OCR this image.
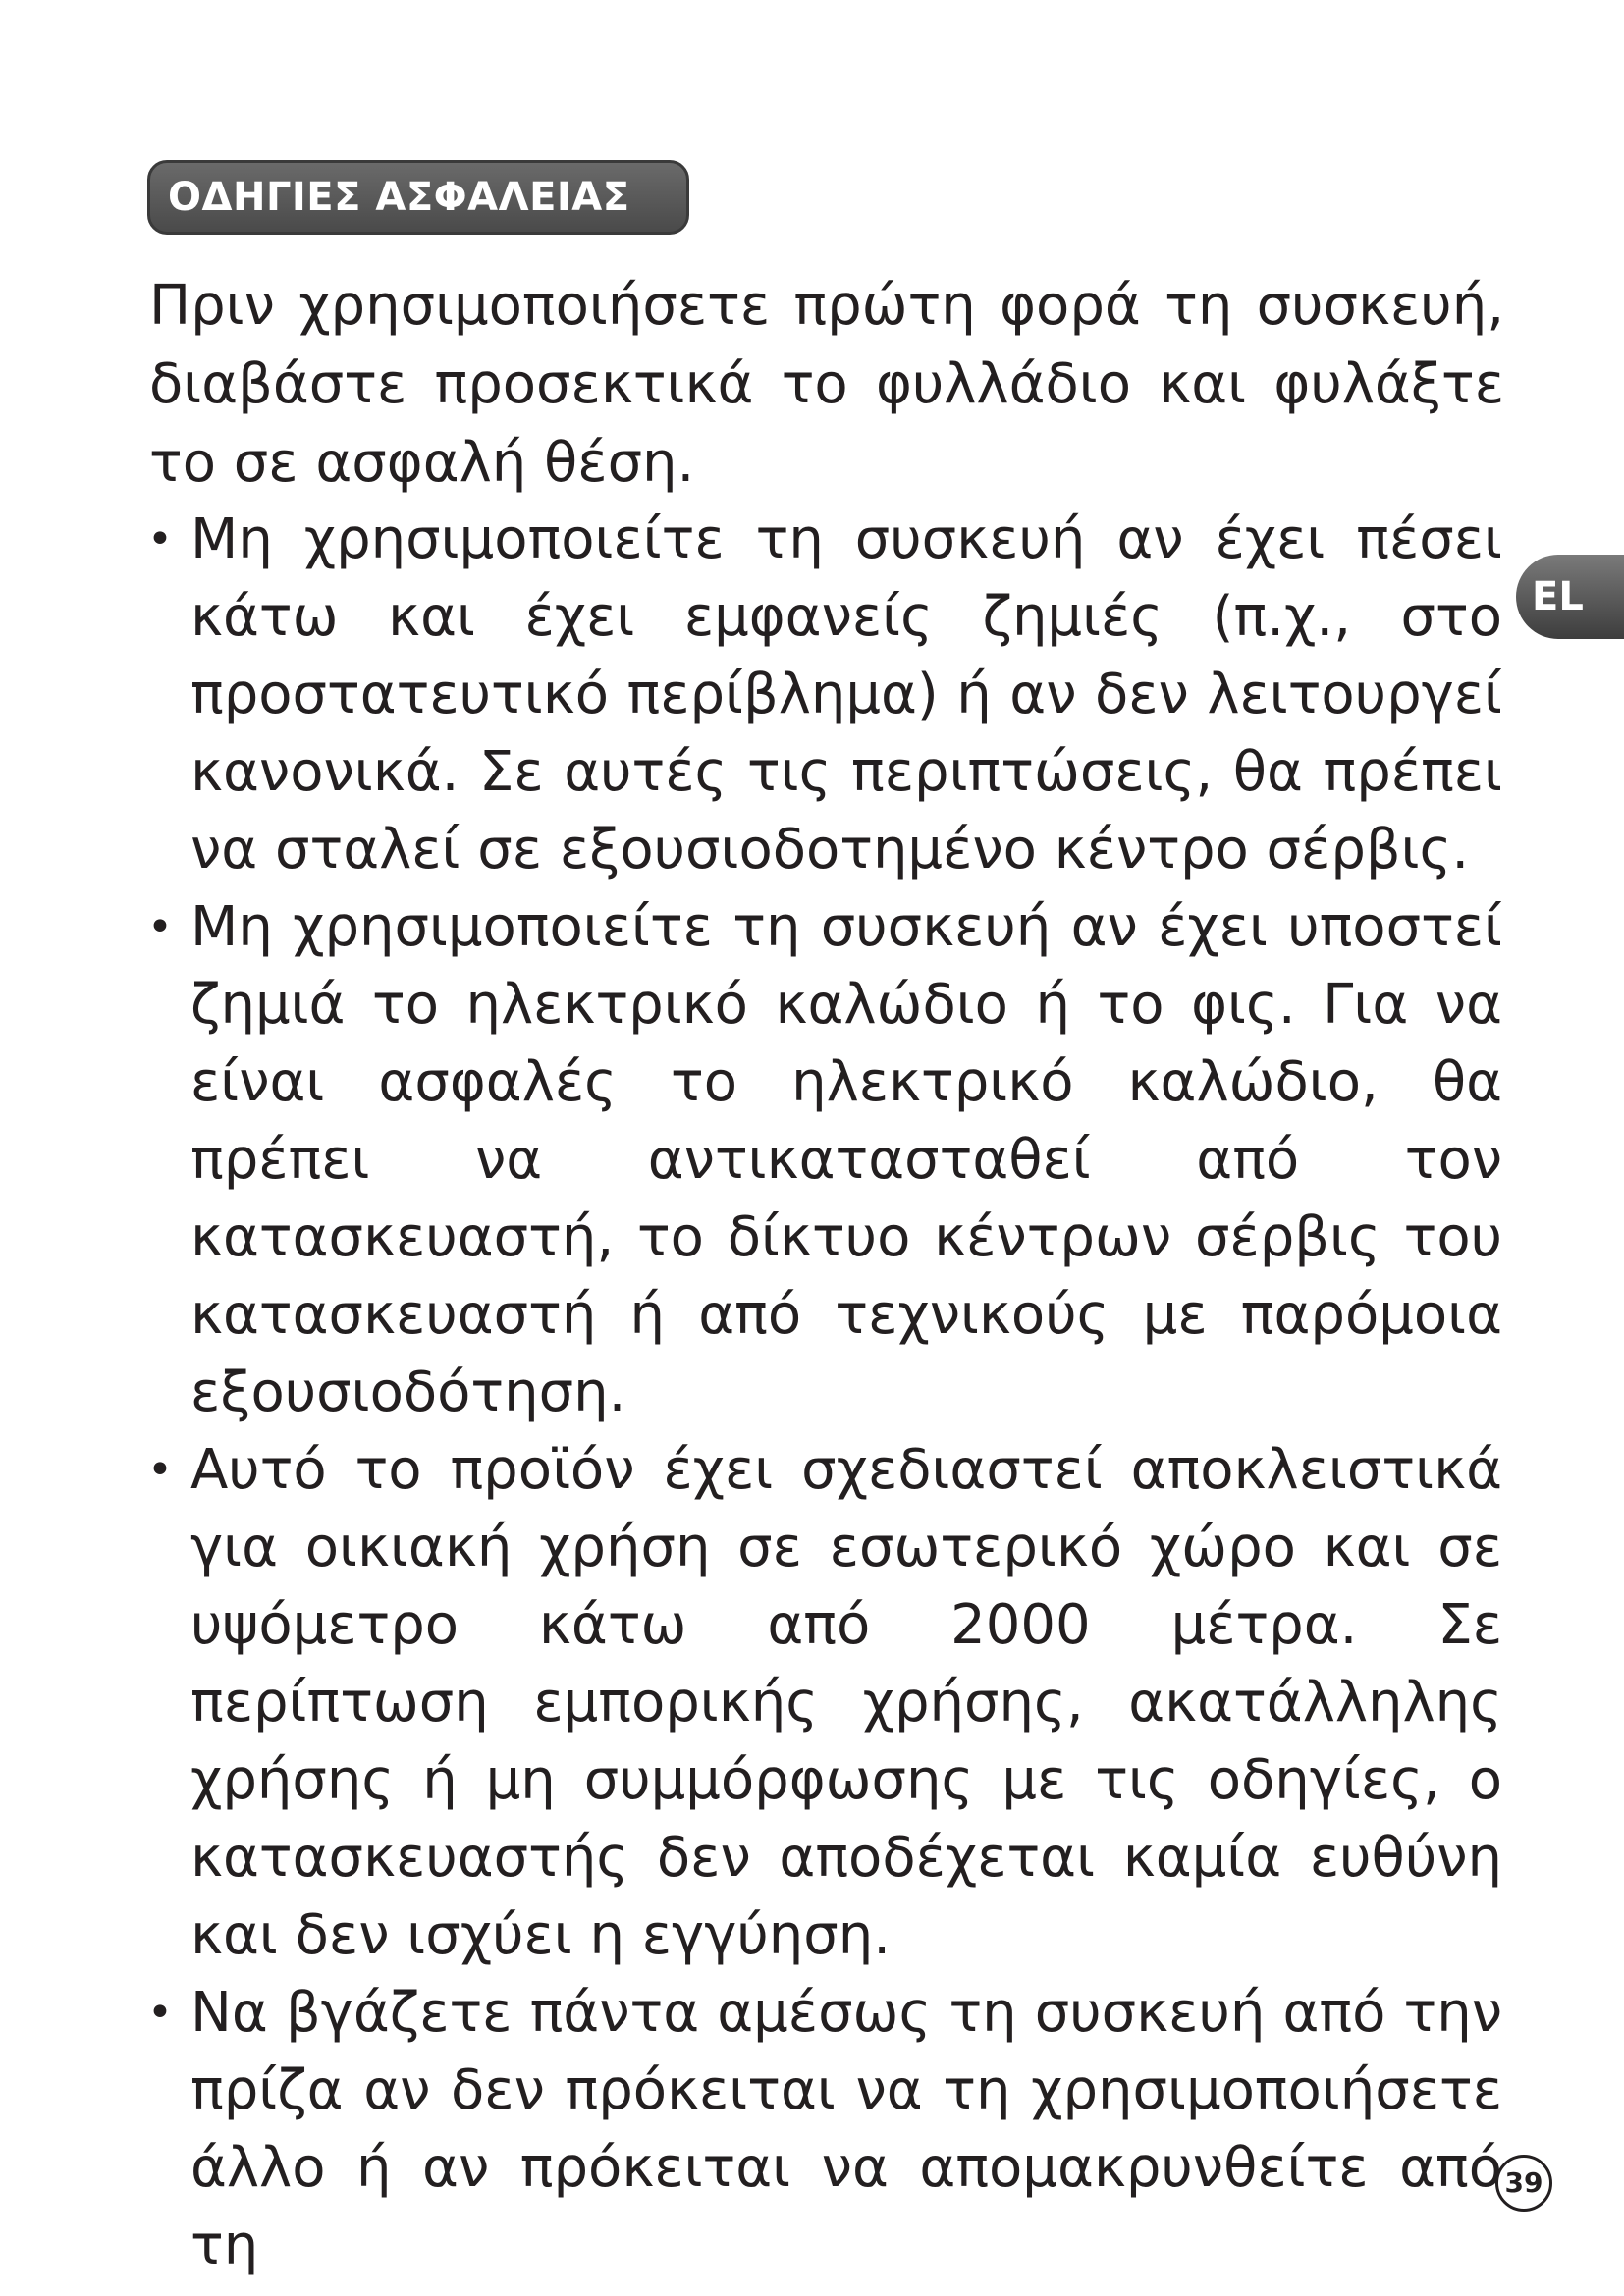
ΟΔΗΓΙΕΣ ΑΣΦΑΛΕΙΑΣ

Πριν χρησιμοποιήσετε πρώτη φορά τη συσκευή, διαβάστε προσεκτικά το φυλλάδιο και φυλάξτε το σε ασφαλή θέση.

• Μη χρησιμοποιείτε τη συσκευή αν έχει πέσει κάτω και έχει εμφανείς ζημιές (π.χ., στο προστατευτικό περίβλημα) ή αν δεν λειτουργεί κανονικά. Σε αυτές τις περιπτώσεις, θα πρέπει να σταλεί σε εξουσιοδοτημένο κέντρο σέρβις.
• Μη χρησιμοποιείτε τη συσκευή αν έχει υποστεί ζημιά το ηλεκτρικό καλώδιο ή το φις. Για να είναι ασφαλές το ηλεκτρικό καλώδιο, θα πρέπει να αντικατασταθεί από τον κατασκευαστή, το δίκτυο κέντρων σέρβις του κατασκευαστή ή από τεχνικούς με παρόμοια εξουσιοδότηση.
• Αυτό το προϊόν έχει σχεδιαστεί αποκλειστικά για οικιακή χρήση σε εσωτερικό χώρο και σε υψόμετρο κάτω από 2000 μέτρα. Σε περίπτωση εμπορικής χρήσης, ακατάλληλης χρήσης ή μη συμμόρφωσης με τις οδηγίες, ο κατασκευαστής δεν αποδέχεται καμία ευθύνη και δεν ισχύει η εγγύηση.
• Να βγάζετε πάντα αμέσως τη συσκευή από την πρίζα αν δεν πρόκειται να τη χρησιμοποιήσετε άλλο ή αν πρόκειται να απομακρυνθείτε από τη
EL
39
